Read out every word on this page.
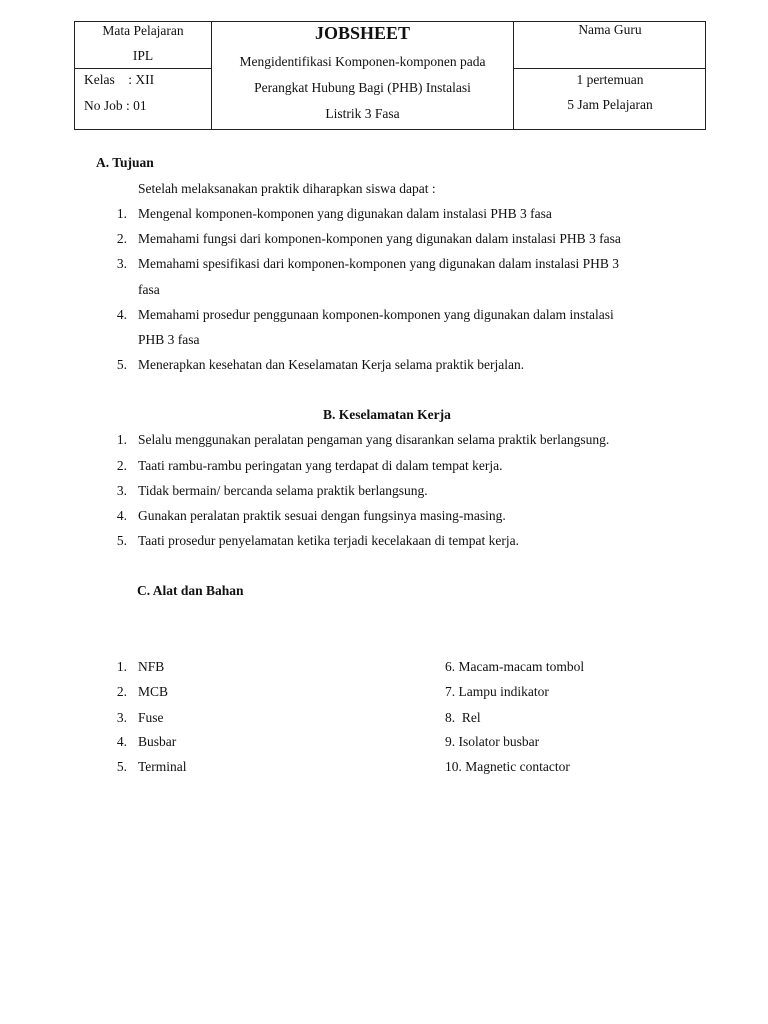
Mata Pelajaran
IPL
Kelas    : XII
No Job : 01
JOBSHEET
Mengidentifikasi Komponen-komponen pada
Perangkat Hubung Bagi (PHB) Instalasi
Listrik 3 Fasa
Nama Guru
1 pertemuan
5 Jam Pelajaran
A. Tujuan
Setelah melaksanakan praktik diharapkan siswa dapat :
1. Mengenal komponen-komponen yang digunakan dalam instalasi PHB 3 fasa
2. Memahami fungsi dari komponen-komponen yang digunakan dalam instalasi PHB 3 fasa
3. Memahami spesifikasi dari komponen-komponen yang digunakan dalam instalasi PHB 3
fasa
4. Memahami prosedur penggunaan komponen-komponen yang digunakan dalam instalasi
PHB 3 fasa
5. Menerapkan kesehatan dan Keselamatan Kerja selama praktik berjalan.
B. Keselamatan Kerja
1. Selalu menggunakan peralatan pengaman yang disarankan selama praktik berlangsung.
2. Taati rambu-rambu peringatan yang terdapat di dalam tempat kerja.
3. Tidak bermain/ bercanda selama praktik berlangsung.
4. Gunakan peralatan praktik sesuai dengan fungsinya masing-masing.
5. Taati prosedur penyelamatan ketika terjadi kecelakaan di tempat kerja.
C. Alat dan Bahan
1. NFB
2. MCB
3. Fuse
4. Busbar
5. Terminal
6. Macam-macam tombol
7. Lampu indikator
8.  Rel
9. Isolator busbar
10. Magnetic contactor
